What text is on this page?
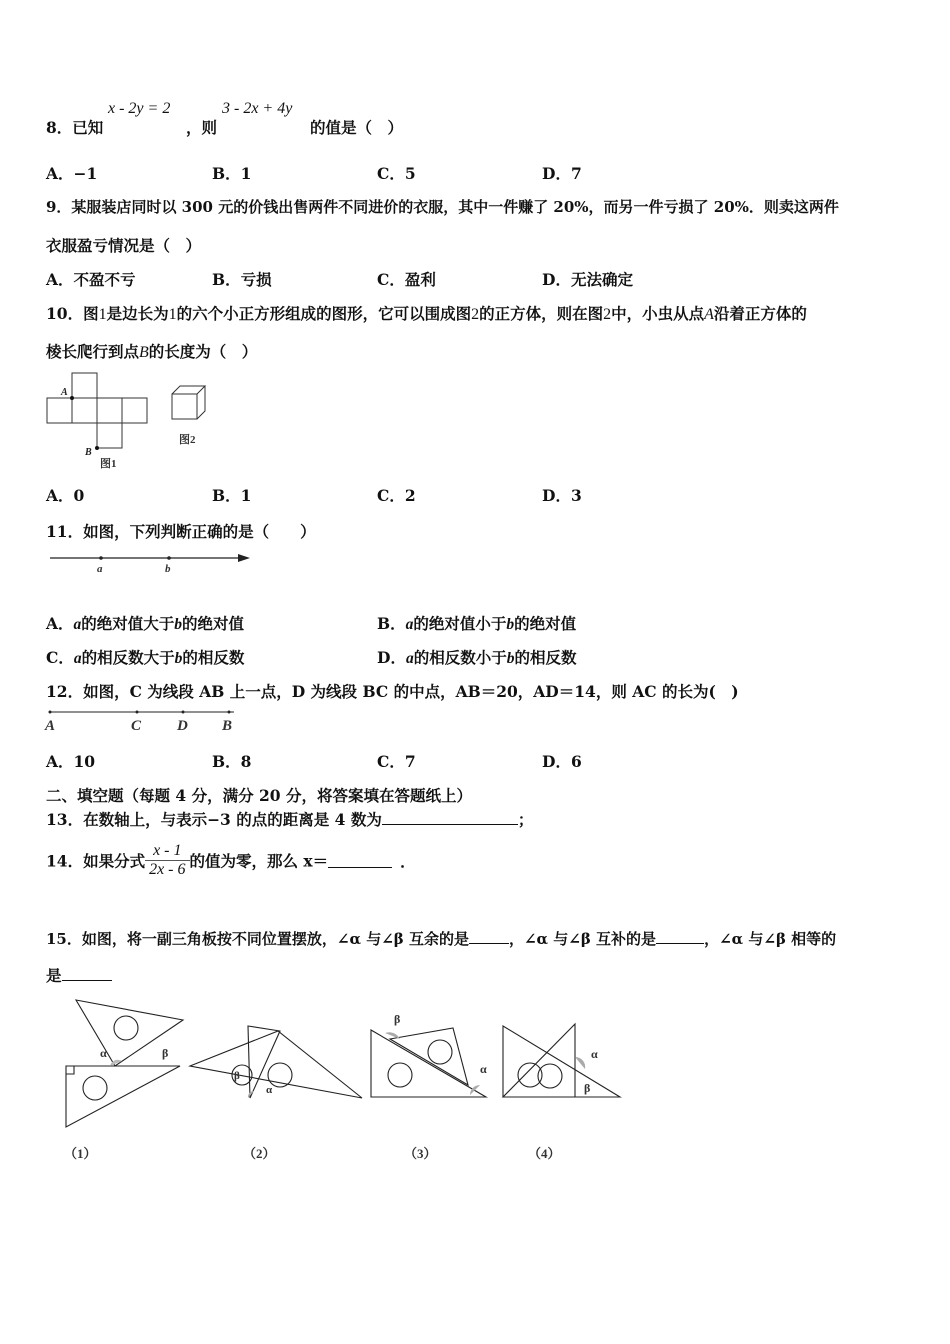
8．已知
x - 2y = 2
，则
3 - 2x + 4y
的值是（　）
A．−1	B．1	C．5	D．7
9．某服装店同时以 300 元的价钱出售两件不同进价的衣服，其中一件赚了 20%，而另一件亏损了 20%．则卖这两件
衣服盈亏情况是（　）
A．不盈不亏	B．亏损	C．盈利	D．无法确定
10．图1是边长为1的六个小正方形组成的图形，它可以围成图2的正方体，则在图2中，小虫从点A沿着正方体的
棱长爬行到点B的长度为（　）
A
B
图1
图2
A．0	B．1	C．2	D．3
11．如图，下列判断正确的是（　　）
a	b
A．a的绝对值大于b的绝对值	B．a的绝对值小于b的绝对值
C．a的相反数大于b的相反数	D．a的相反数小于b的相反数
12．如图，C 为线段 AB 上一点，D 为线段 BC 的中点，AB＝20，AD＝14，则 AC 的长为(　)
A	C D B
A．10	B．8	C．7	D．6
二、填空题（每题 4 分，满分 20 分，将答案填在答题纸上）
13．在数轴上，与表示−3 的点的距离是 4 数为	；
14．如果分式 $\frac{x - 1}{2x - 6}$ 的值为零，那么 x＝	．
15．如图，将一副三角板按不同位置摆放，∠α 与∠β 互余的是	，∠α 与∠β 互补的是	，∠α 与∠β 相等的
是
α	β
（1）
β
α
（2）
β
α
（3）
α
β
（4）
